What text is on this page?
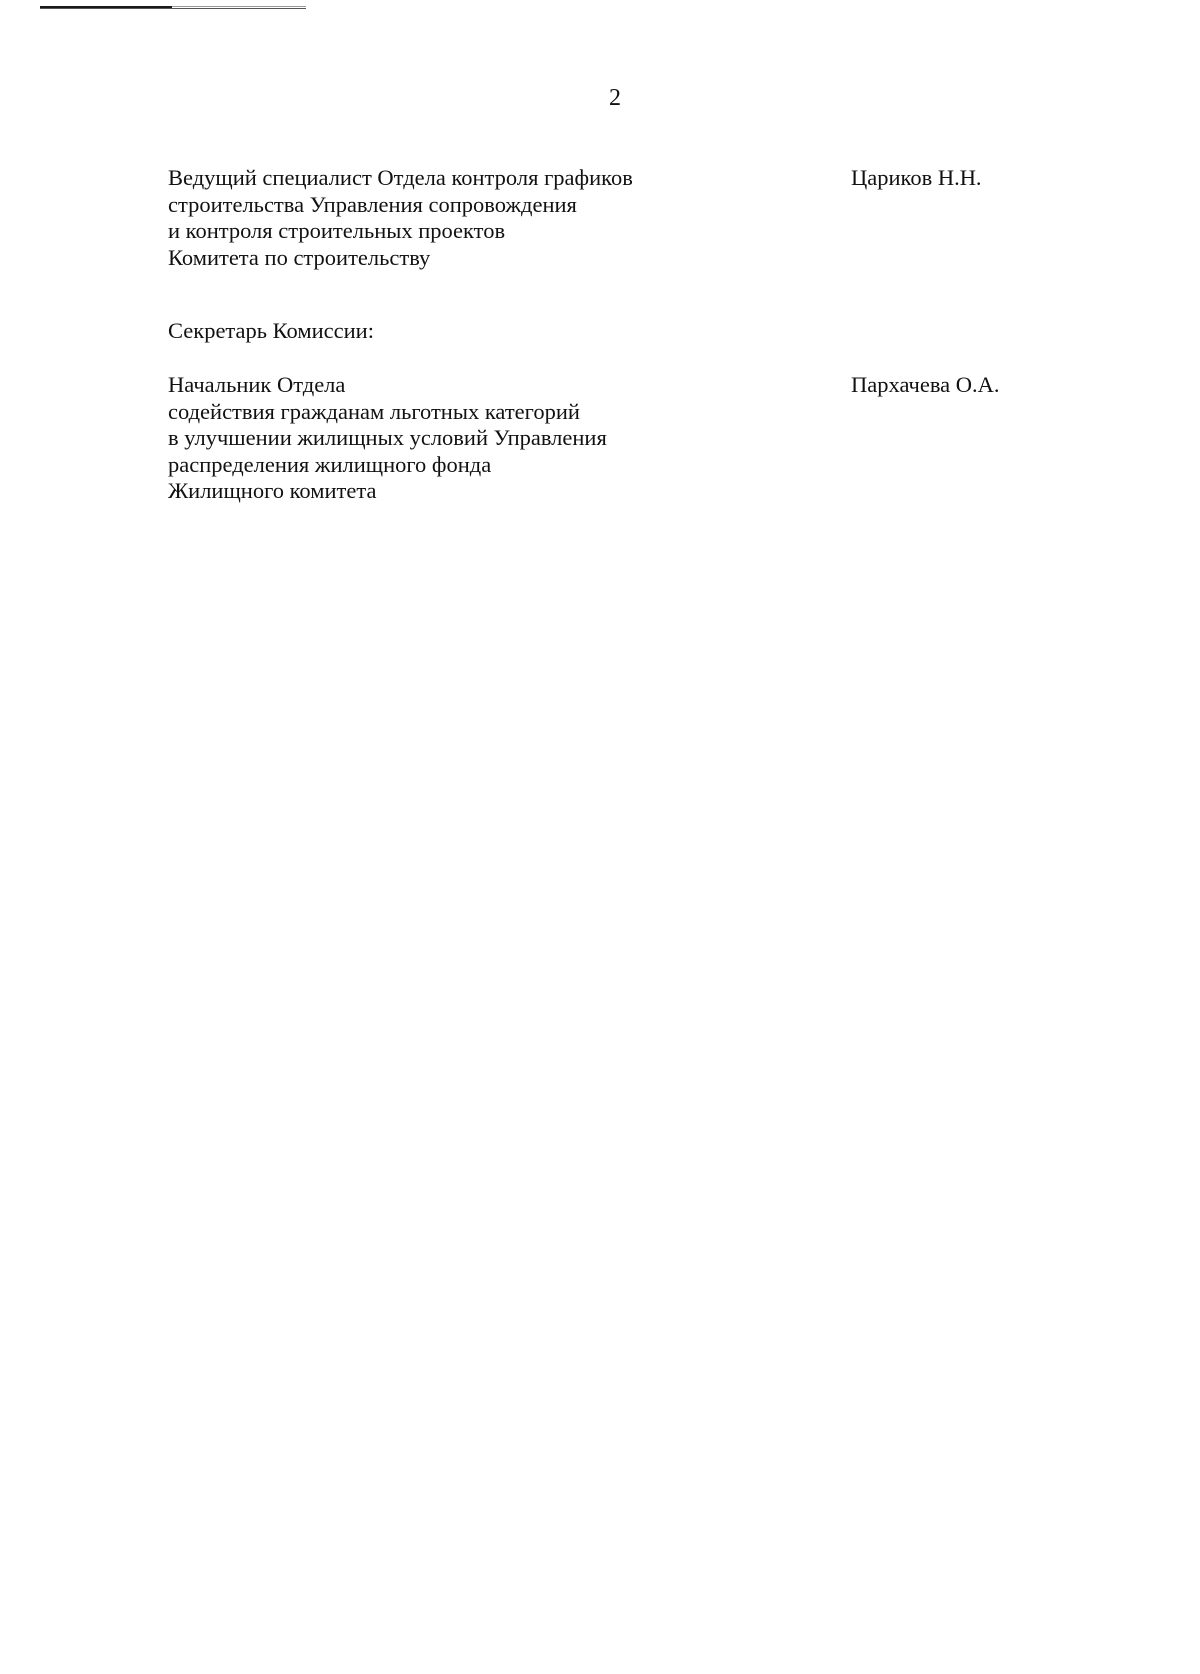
2
Ведущий специалист Отдела контроля графиков
строительства Управления сопровождения
и контроля строительных проектов
Комитета по строительству
Цариков Н.Н.
Секретарь Комиссии:
Начальник Отдела
содействия гражданам льготных категорий
в улучшении жилищных условий Управления
распределения жилищного фонда
Жилищного комитета
Пархачева О.А.
